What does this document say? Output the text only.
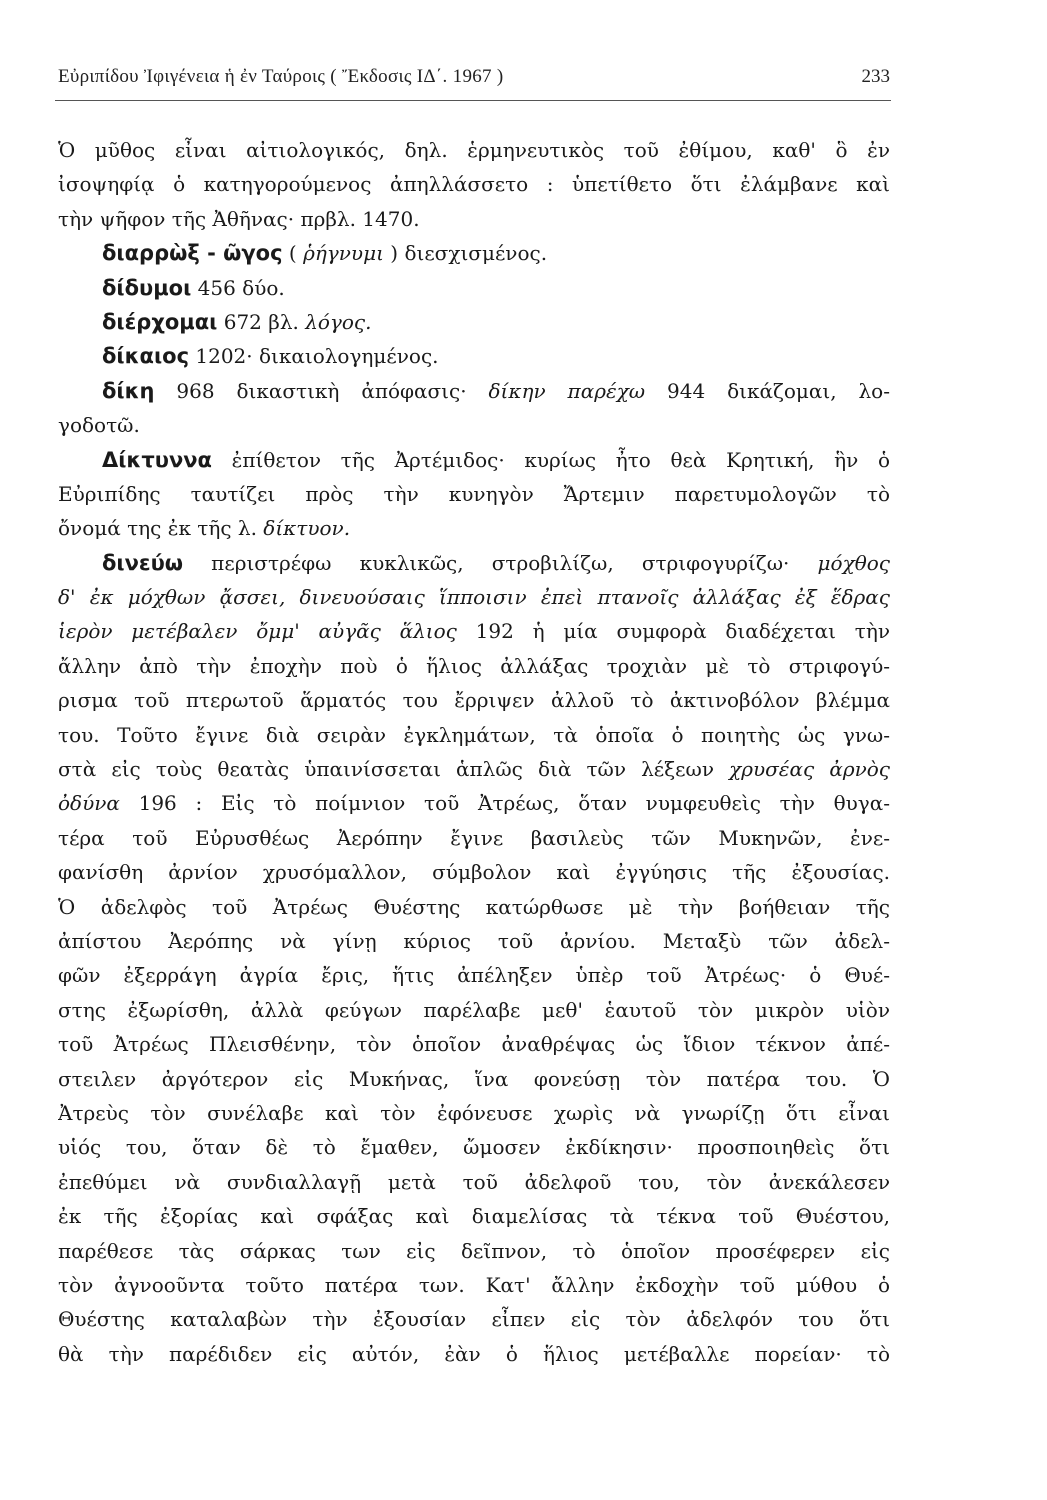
Εὐριπίδου Ἰφιγένεια ἡ ἐν Ταύροις ( Ἔκδοσις ΙΔ΄. 1967 )	233
Ὁ μῦθος εἶναι αἰτιολογικός, δηλ. ἑρμηνευτικὸς τοῦ ἐθίμου, καθ' ὃ ἐν
ἰσοψηφίᾳ ὁ κατηγορούμενος ἀπηλλάσσετο : ὑπετίθετο ὅτι ἐλάμβανε καὶ
τὴν ψῆφον τῆς Ἀθῆνας· πρβλ. 1470.
διαρρὼξ - ῶγος ( ῥήγνυμι ) διεσχισμένος.
δίδυμοι 456 δύο.
διέρχομαι 672 βλ. λόγος.
δίκαιος 1202· δικαιολογημένος.
δίκη 968 δικαστικὴ ἀπόφασις· δίκην παρέχω 944 δικάζομαι, λο-
γοδοτῶ.
Δίκτυννα ἐπίθετον τῆς Ἀρτέμιδος· κυρίως ἦτο θεὰ Κρητική, ἣν ὁ
Εὐριπίδης ταυτίζει πρὸς τὴν κυνηγὸν Ἄρτεμιν παρετυμολογῶν τὸ
ὄνομά της ἐκ τῆς λ. δίκτυον.
δινεύω περιστρέφω κυκλικῶς, στροβιλίζω, στριφογυρίζω· μόχθος
δ' ἐκ μόχθων ᾄσσει, δινευούσαις ἵπποισιν ἐπεὶ πτανοῖς ἀλλάξας ἐξ ἕδρας
ἱερὸν μετέβαλεν ὄμμ' αὐγᾶς ἅλιος 192 ἡ μία συμφορὰ διαδέχεται τὴν
ἄλλην ἀπὸ τὴν ἐποχὴν ποὺ ὁ ἥλιος ἀλλάξας τροχιὰν μὲ τὸ στριφογύ-
ρισμα τοῦ πτερωτοῦ ἅρματός του ἔρριψεν ἀλλοῦ τὸ ἀκτινοβόλον βλέμμα
του. Τοῦτο ἔγινε διὰ σειρὰν ἐγκλημάτων, τὰ ὁποῖα ὁ ποιητὴς ὡς γνω-
στὰ εἰς τοὺς θεατὰς ὑπαινίσσεται ἁπλῶς διὰ τῶν λέξεων χρυσέας ἀρνὸς
ὀδύνα 196 : Εἰς τὸ ποίμνιον τοῦ Ἀτρέως, ὅταν νυμφευθεὶς τὴν θυγα-
τέρα τοῦ Εὐρυσθέως Ἀερόπην ἔγινε βασιλεὺς τῶν Μυκηνῶν, ἐνε-
φανίσθη ἀρνίον χρυσόμαλλον, σύμβολον καὶ ἐγγύησις τῆς ἐξουσίας.
Ὁ ἀδελφὸς τοῦ Ἀτρέως Θυέστης κατώρθωσε μὲ τὴν βοήθειαν τῆς
ἀπίστου Ἀερόπης νὰ γίνῃ κύριος τοῦ ἀρνίου. Μεταξὺ τῶν ἀδελ-
φῶν ἐξερράγη ἀγρία ἔρις, ἥτις ἀπέληξεν ὑπὲρ τοῦ Ἀτρέως· ὁ Θυέ-
στης ἐξωρίσθη, ἀλλὰ φεύγων παρέλαβε μεθ' ἑαυτοῦ τὸν μικρὸν υἱὸν
τοῦ Ἀτρέως Πλεισθένην, τὸν ὁποῖον ἀναθρέψας ὡς ἴδιον τέκνον ἀπέ-
στειλεν ἀργότερον εἰς Μυκήνας, ἵνα φονεύσῃ τὸν πατέρα του. Ὁ
Ἀτρεὺς τὸν συνέλαβε καὶ τὸν ἐφόνευσε χωρὶς νὰ γνωρίζῃ ὅτι εἶναι
υἱός του, ὅταν δὲ τὸ ἔμαθεν, ὤμοσεν ἐκδίκησιν· προσποιηθεὶς ὅτι
ἐπεθύμει νὰ συνδιαλλαγῇ μετὰ τοῦ ἀδελφοῦ του, τὸν ἀνεκάλεσεν
ἐκ τῆς ἐξορίας καὶ σφάξας καὶ διαμελίσας τὰ τέκνα τοῦ Θυέστου,
παρέθεσε τὰς σάρκας των εἰς δεῖπνον, τὸ ὁποῖον προσέφερεν εἰς
τὸν ἀγνοοῦντα τοῦτο πατέρα των. Κατ' ἄλλην ἐκδοχὴν τοῦ μύθου ὁ
Θυέστης καταλαβὼν τὴν ἐξουσίαν εἶπεν εἰς τὸν ἀδελφόν του ὅτι
θὰ τὴν παρέδιδεν εἰς αὐτόν, ἐὰν ὁ ἥλιος μετέβαλλε πορείαν· τὸ
